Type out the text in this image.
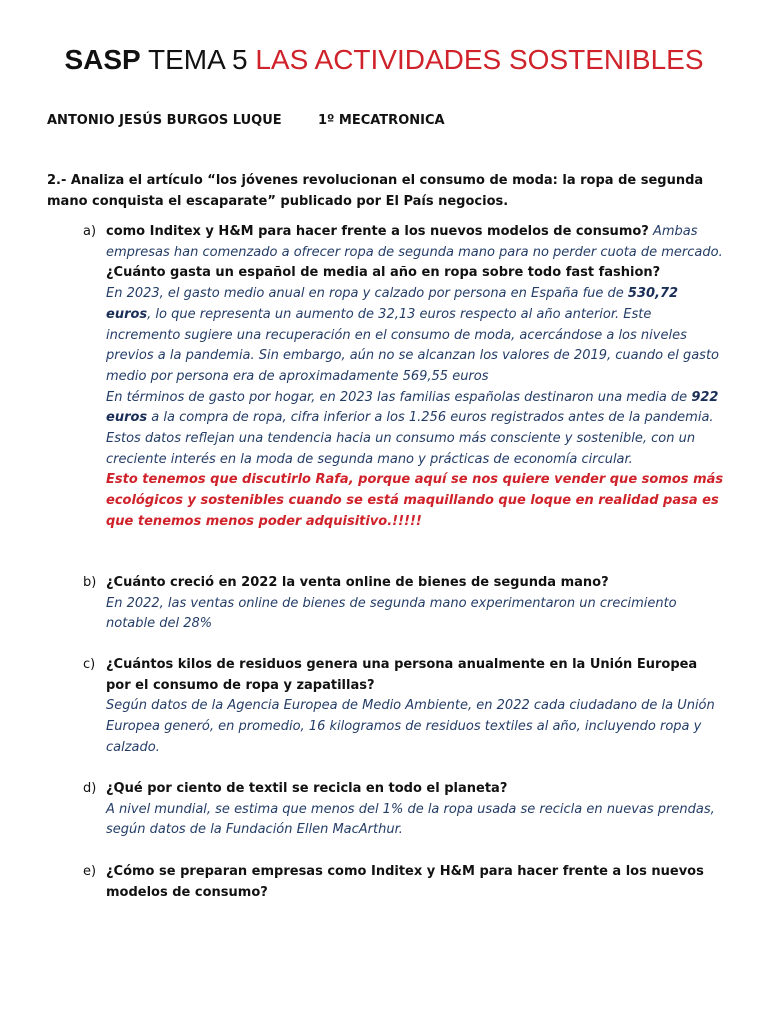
SASP TEMA 5 LAS ACTIVIDADES SOSTENIBLES
ANTONIO JESÚS BURGOS LUQUE	1º MECATRONICA
2.- Analiza el artículo “los jóvenes revolucionan el consumo de moda: la ropa de segunda mano conquista el escaparate” publicado por El País negocios.
a) como Inditex y H&M para hacer frente a los nuevos modelos de consumo? Ambas empresas han comenzado a ofrecer ropa de segunda mano para no perder cuota de mercado.

¿Cuánto gasta un español de media al año en ropa sobre todo fast fashion?

En 2023, el gasto medio anual en ropa y calzado por persona en España fue de 530,72 euros, lo que representa un aumento de 32,13 euros respecto al año anterior. Este incremento sugiere una recuperación en el consumo de moda, acercándose a los niveles previos a la pandemia. Sin embargo, aún no se alcanzan los valores de 2019, cuando el gasto medio por persona era de aproximadamente 569,55 euros

En términos de gasto por hogar, en 2023 las familias españolas destinaron una media de 922 euros a la compra de ropa, cifra inferior a los 1.256 euros registrados antes de la pandemia. Estos datos reflejan una tendencia hacia un consumo más consciente y sostenible, con un creciente interés en la moda de segunda mano y prácticas de economía circular.

Esto tenemos que discutirlo Rafa, porque aquí se nos quiere vender que somos más ecológicos y sostenibles cuando se está maquillando que loque en realidad pasa es que tenemos menos poder adquisitivo.!!!!!

b) ¿Cuánto creció en 2022 la venta online de bienes de segunda mano?

En 2022, las ventas online de bienes de segunda mano experimentaron un crecimiento notable del 28%

c) ¿Cuántos kilos de residuos genera una persona anualmente en la Unión Europea por el consumo de ropa y zapatillas?

Según datos de la Agencia Europea de Medio Ambiente, en 2022 cada ciudadano de la Unión Europea generó, en promedio, 16 kilogramos de residuos textiles al año, incluyendo ropa y calzado.

d) ¿Qué por ciento de textil se recicla en todo el planeta?

A nivel mundial, se estima que menos del 1% de la ropa usada se recicla en nuevas prendas, según datos de la Fundación Ellen MacArthur.

e) ¿Cómo se preparan empresas como Inditex y H&M para hacer frente a los nuevos modelos de consumo?
